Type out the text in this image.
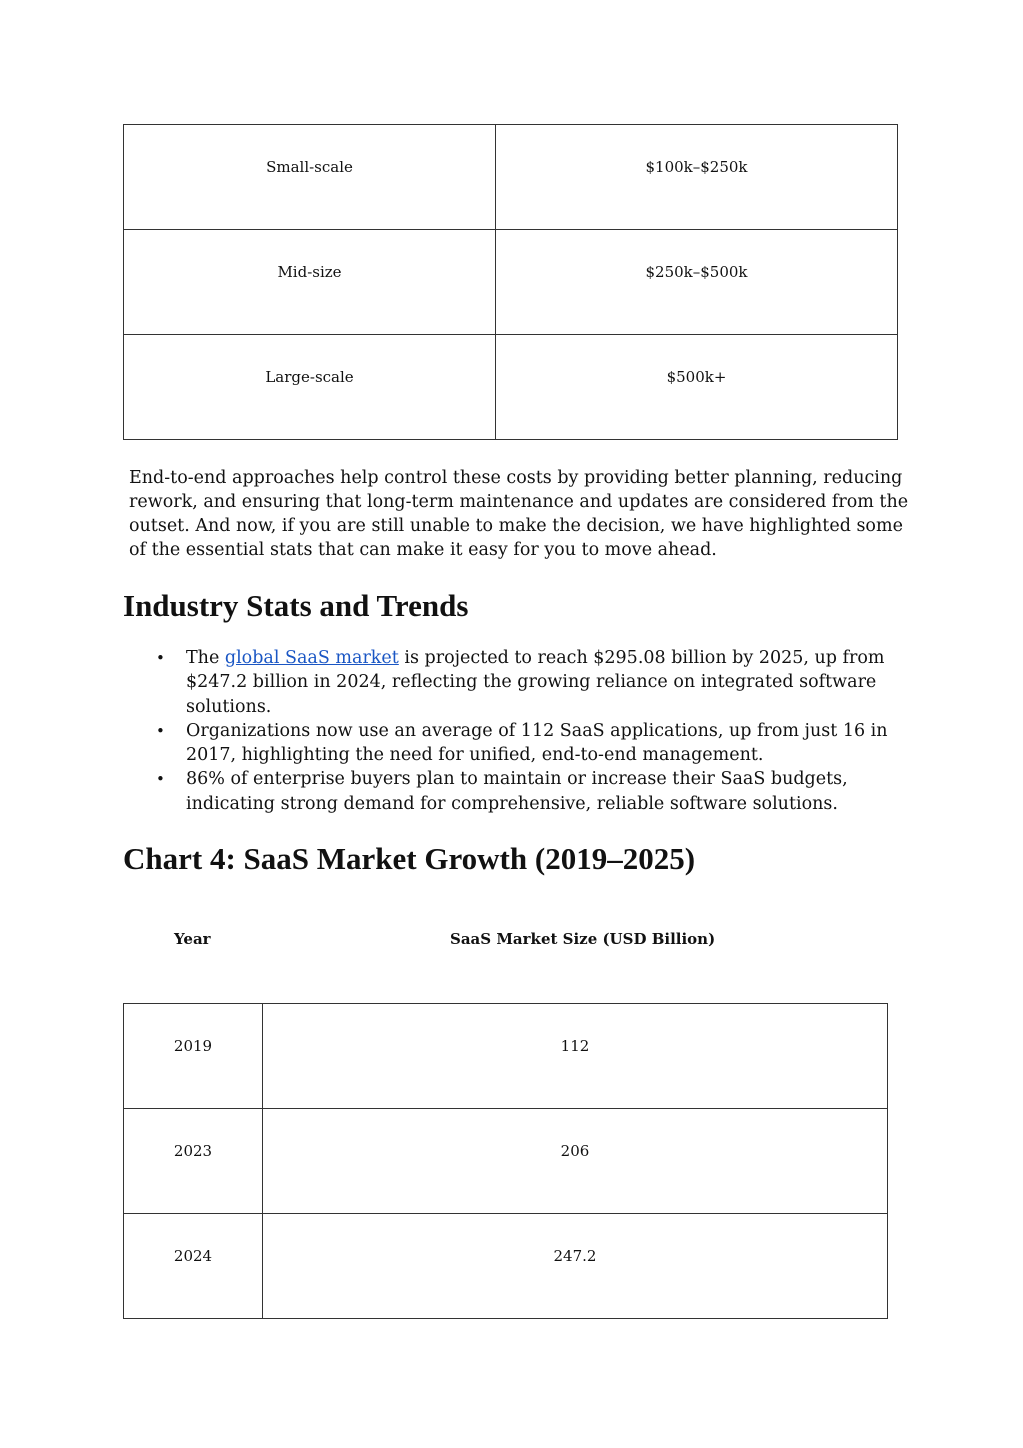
Small-scale	$100k–$250k

Mid-size	$250k–$500k

Large-scale	$500k+

End-to-end approaches help control these costs by providing better planning, reducing rework, and ensuring that long-term maintenance and updates are considered from the outset. And now, if you are still unable to make the decision, we have highlighted some of the essential stats that can make it easy for you to move ahead.

Industry Stats and Trends
• The global SaaS market is projected to reach $295.08 billion by 2025, up from $247.2 billion in 2024, reflecting the growing reliance on integrated software solutions.
• Organizations now use an average of 112 SaaS applications, up from just 16 in 2017, highlighting the need for unified, end-to-end management.
• 86% of enterprise buyers plan to maintain or increase their SaaS budgets, indicating strong demand for comprehensive, reliable software solutions.
Chart 4: SaaS Market Growth (2019–2025)
Year	SaaS Market Size (USD Billion)
2019	112

2023	206

2024	247.2
